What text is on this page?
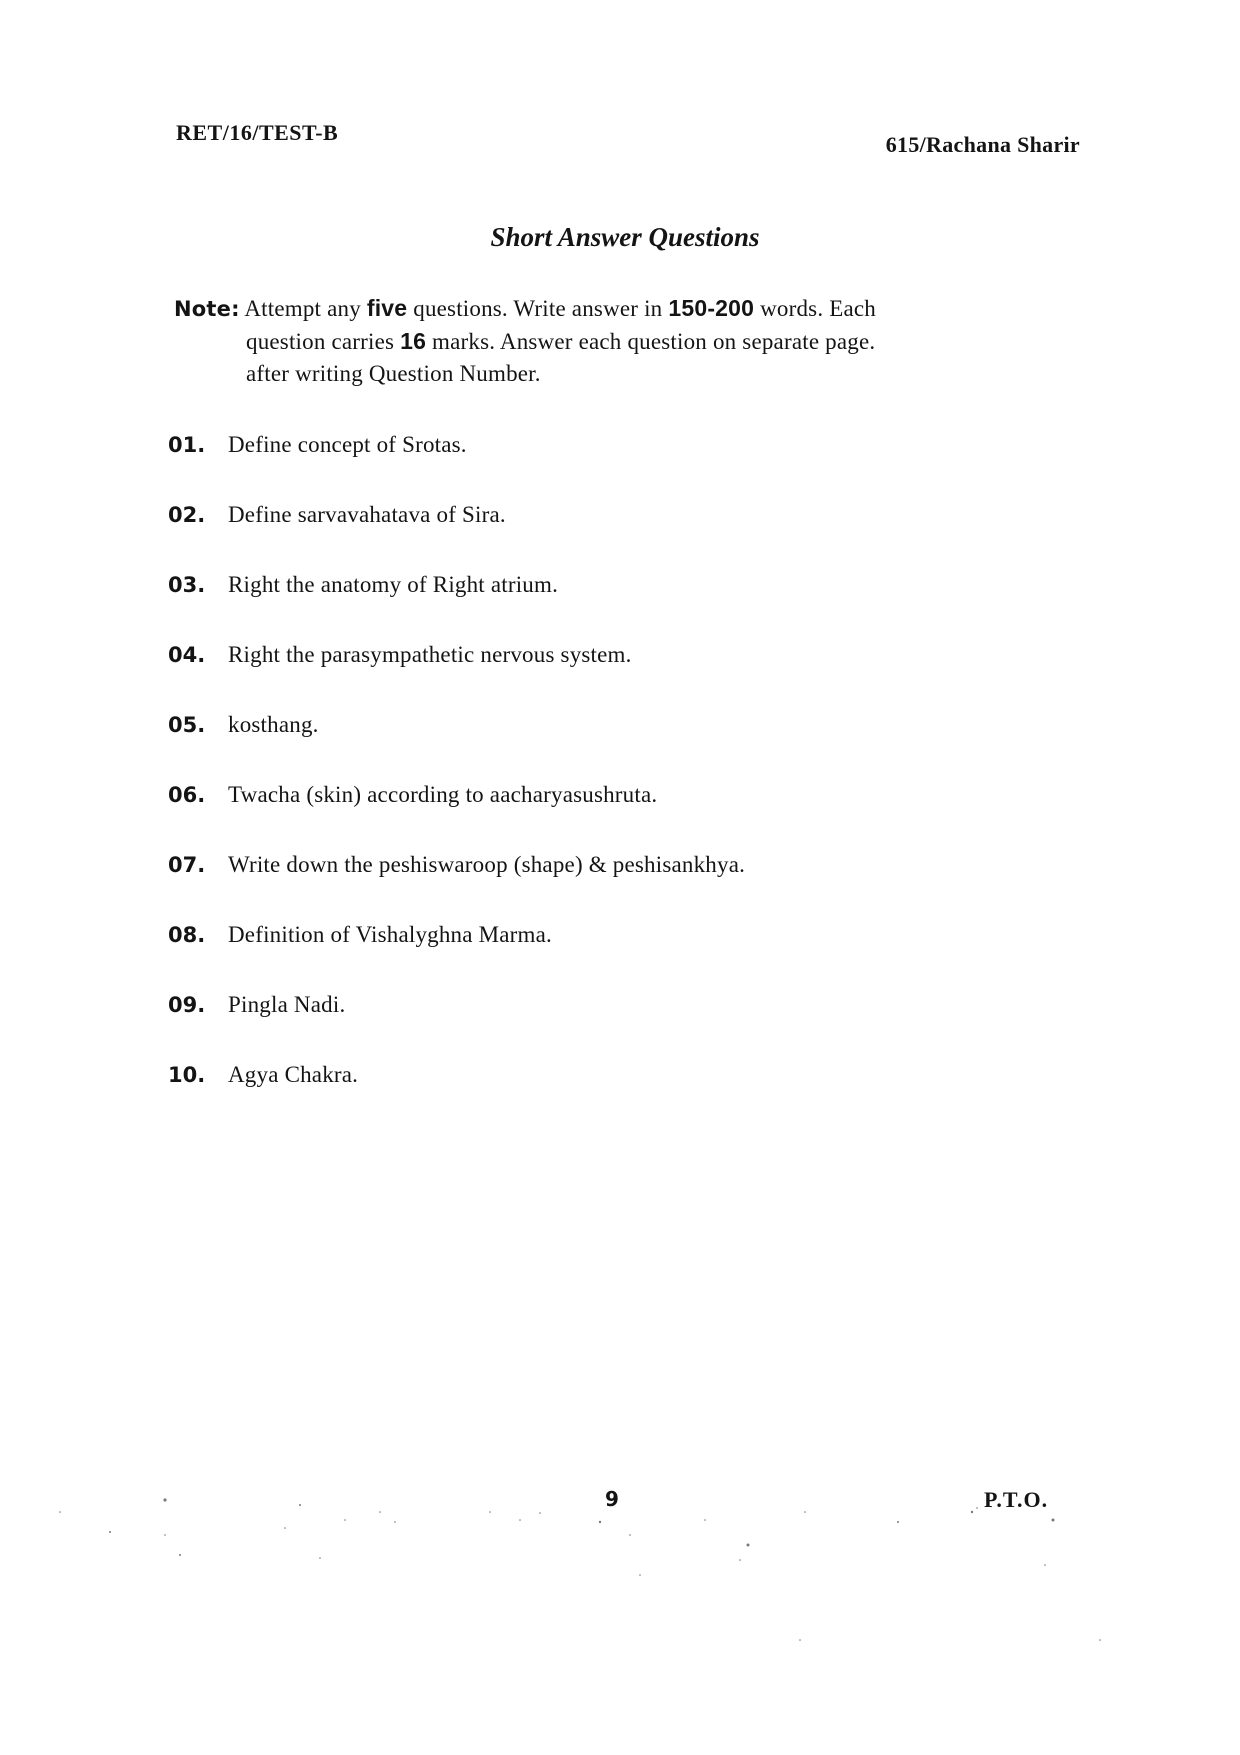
RET/16/TEST-B	615/Rachana Sharir
Short Answer Questions
Note: Attempt any five questions. Write answer in 150-200 words. Each
question carries 16 marks. Answer each question on separate page.
after writing Question Number.
01. Define concept of Srotas.
02. Define sarvavahatava of Sira.
03. Right the anatomy of Right atrium.
04. Right the parasympathetic nervous system.
05. kosthang.
06. Twacha (skin) according to aacharyasushruta.
07. Write down the peshiswaroop (shape) & peshisankhya.
08. Definition of Vishalyghna Marma.
09. Pingla Nadi.
10. Agya Chakra.
9	P.T.O.
